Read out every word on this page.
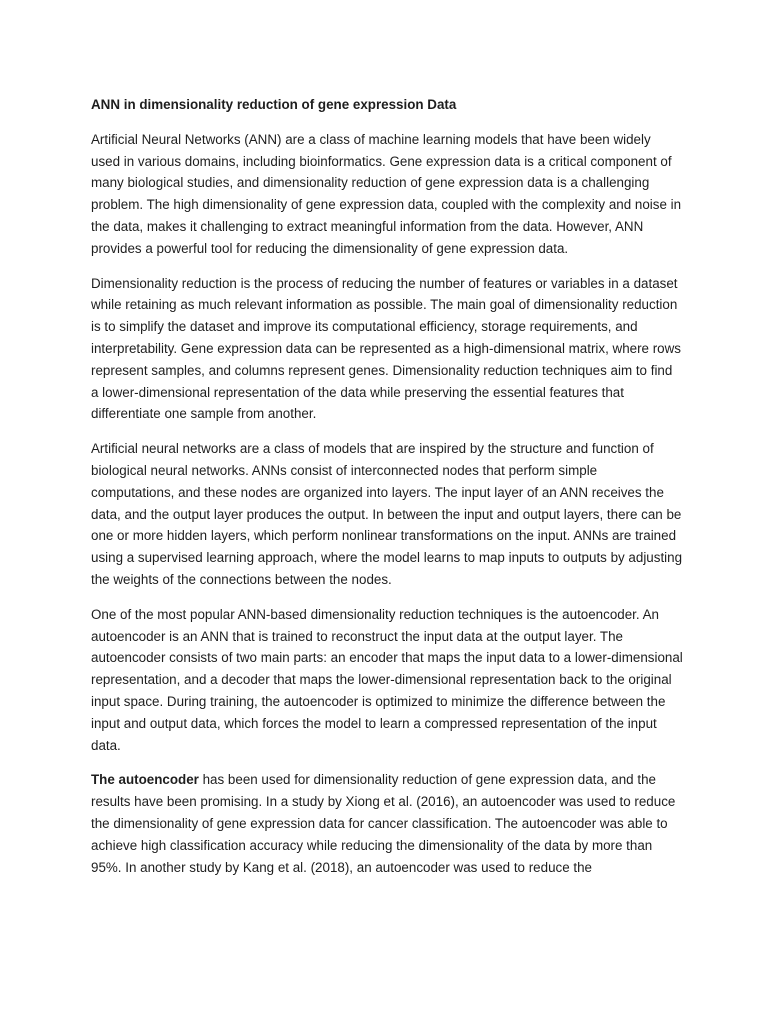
ANN in dimensionality reduction of gene expression Data

Artificial Neural Networks (ANN) are a class of machine learning models that have been widely used in various domains, including bioinformatics. Gene expression data is a critical component of many biological studies, and dimensionality reduction of gene expression data is a challenging problem. The high dimensionality of gene expression data, coupled with the complexity and noise in the data, makes it challenging to extract meaningful information from the data. However, ANN provides a powerful tool for reducing the dimensionality of gene expression data.

Dimensionality reduction is the process of reducing the number of features or variables in a dataset while retaining as much relevant information as possible. The main goal of dimensionality reduction is to simplify the dataset and improve its computational efficiency, storage requirements, and interpretability. Gene expression data can be represented as a high-dimensional matrix, where rows represent samples, and columns represent genes. Dimensionality reduction techniques aim to find a lower-dimensional representation of the data while preserving the essential features that differentiate one sample from another.

Artificial neural networks are a class of models that are inspired by the structure and function of biological neural networks. ANNs consist of interconnected nodes that perform simple computations, and these nodes are organized into layers. The input layer of an ANN receives the data, and the output layer produces the output. In between the input and output layers, there can be one or more hidden layers, which perform nonlinear transformations on the input. ANNs are trained using a supervised learning approach, where the model learns to map inputs to outputs by adjusting the weights of the connections between the nodes.

One of the most popular ANN-based dimensionality reduction techniques is the autoencoder. An autoencoder is an ANN that is trained to reconstruct the input data at the output layer. The autoencoder consists of two main parts: an encoder that maps the input data to a lower-dimensional representation, and a decoder that maps the lower-dimensional representation back to the original input space. During training, the autoencoder is optimized to minimize the difference between the input and output data, which forces the model to learn a compressed representation of the input data.

The autoencoder has been used for dimensionality reduction of gene expression data, and the results have been promising. In a study by Xiong et al. (2016), an autoencoder was used to reduce the dimensionality of gene expression data for cancer classification. The autoencoder was able to achieve high classification accuracy while reducing the dimensionality of the data by more than 95%. In another study by Kang et al. (2018), an autoencoder was used to reduce the
